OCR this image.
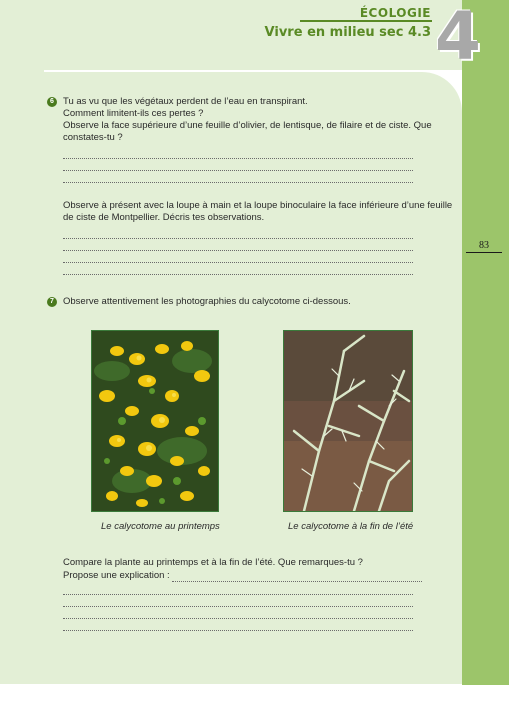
ÉCOLOGIE
Vivre en milieu sec 4.3 4
83
6 Tu as vu que les végétaux perdent de l’eau en transpirant.
Comment limitent-ils ces pertes ?
Observe la face supérieure d’une feuille d’olivier, de lentisque, de filaire et de ciste. Que
constates-tu ?
Observe à présent avec la loupe à main et la loupe binoculaire la face inférieure d’une feuille
de ciste de Montpellier. Décris tes observations.
7 Observe attentivement les photographies du calycotome ci-dessous.
Le calycotome au printemps	Le calycotome à la fin de l’été
Compare la plante au printemps et à la fin de l’été. Que remarques-tu ?
Propose une explication :
